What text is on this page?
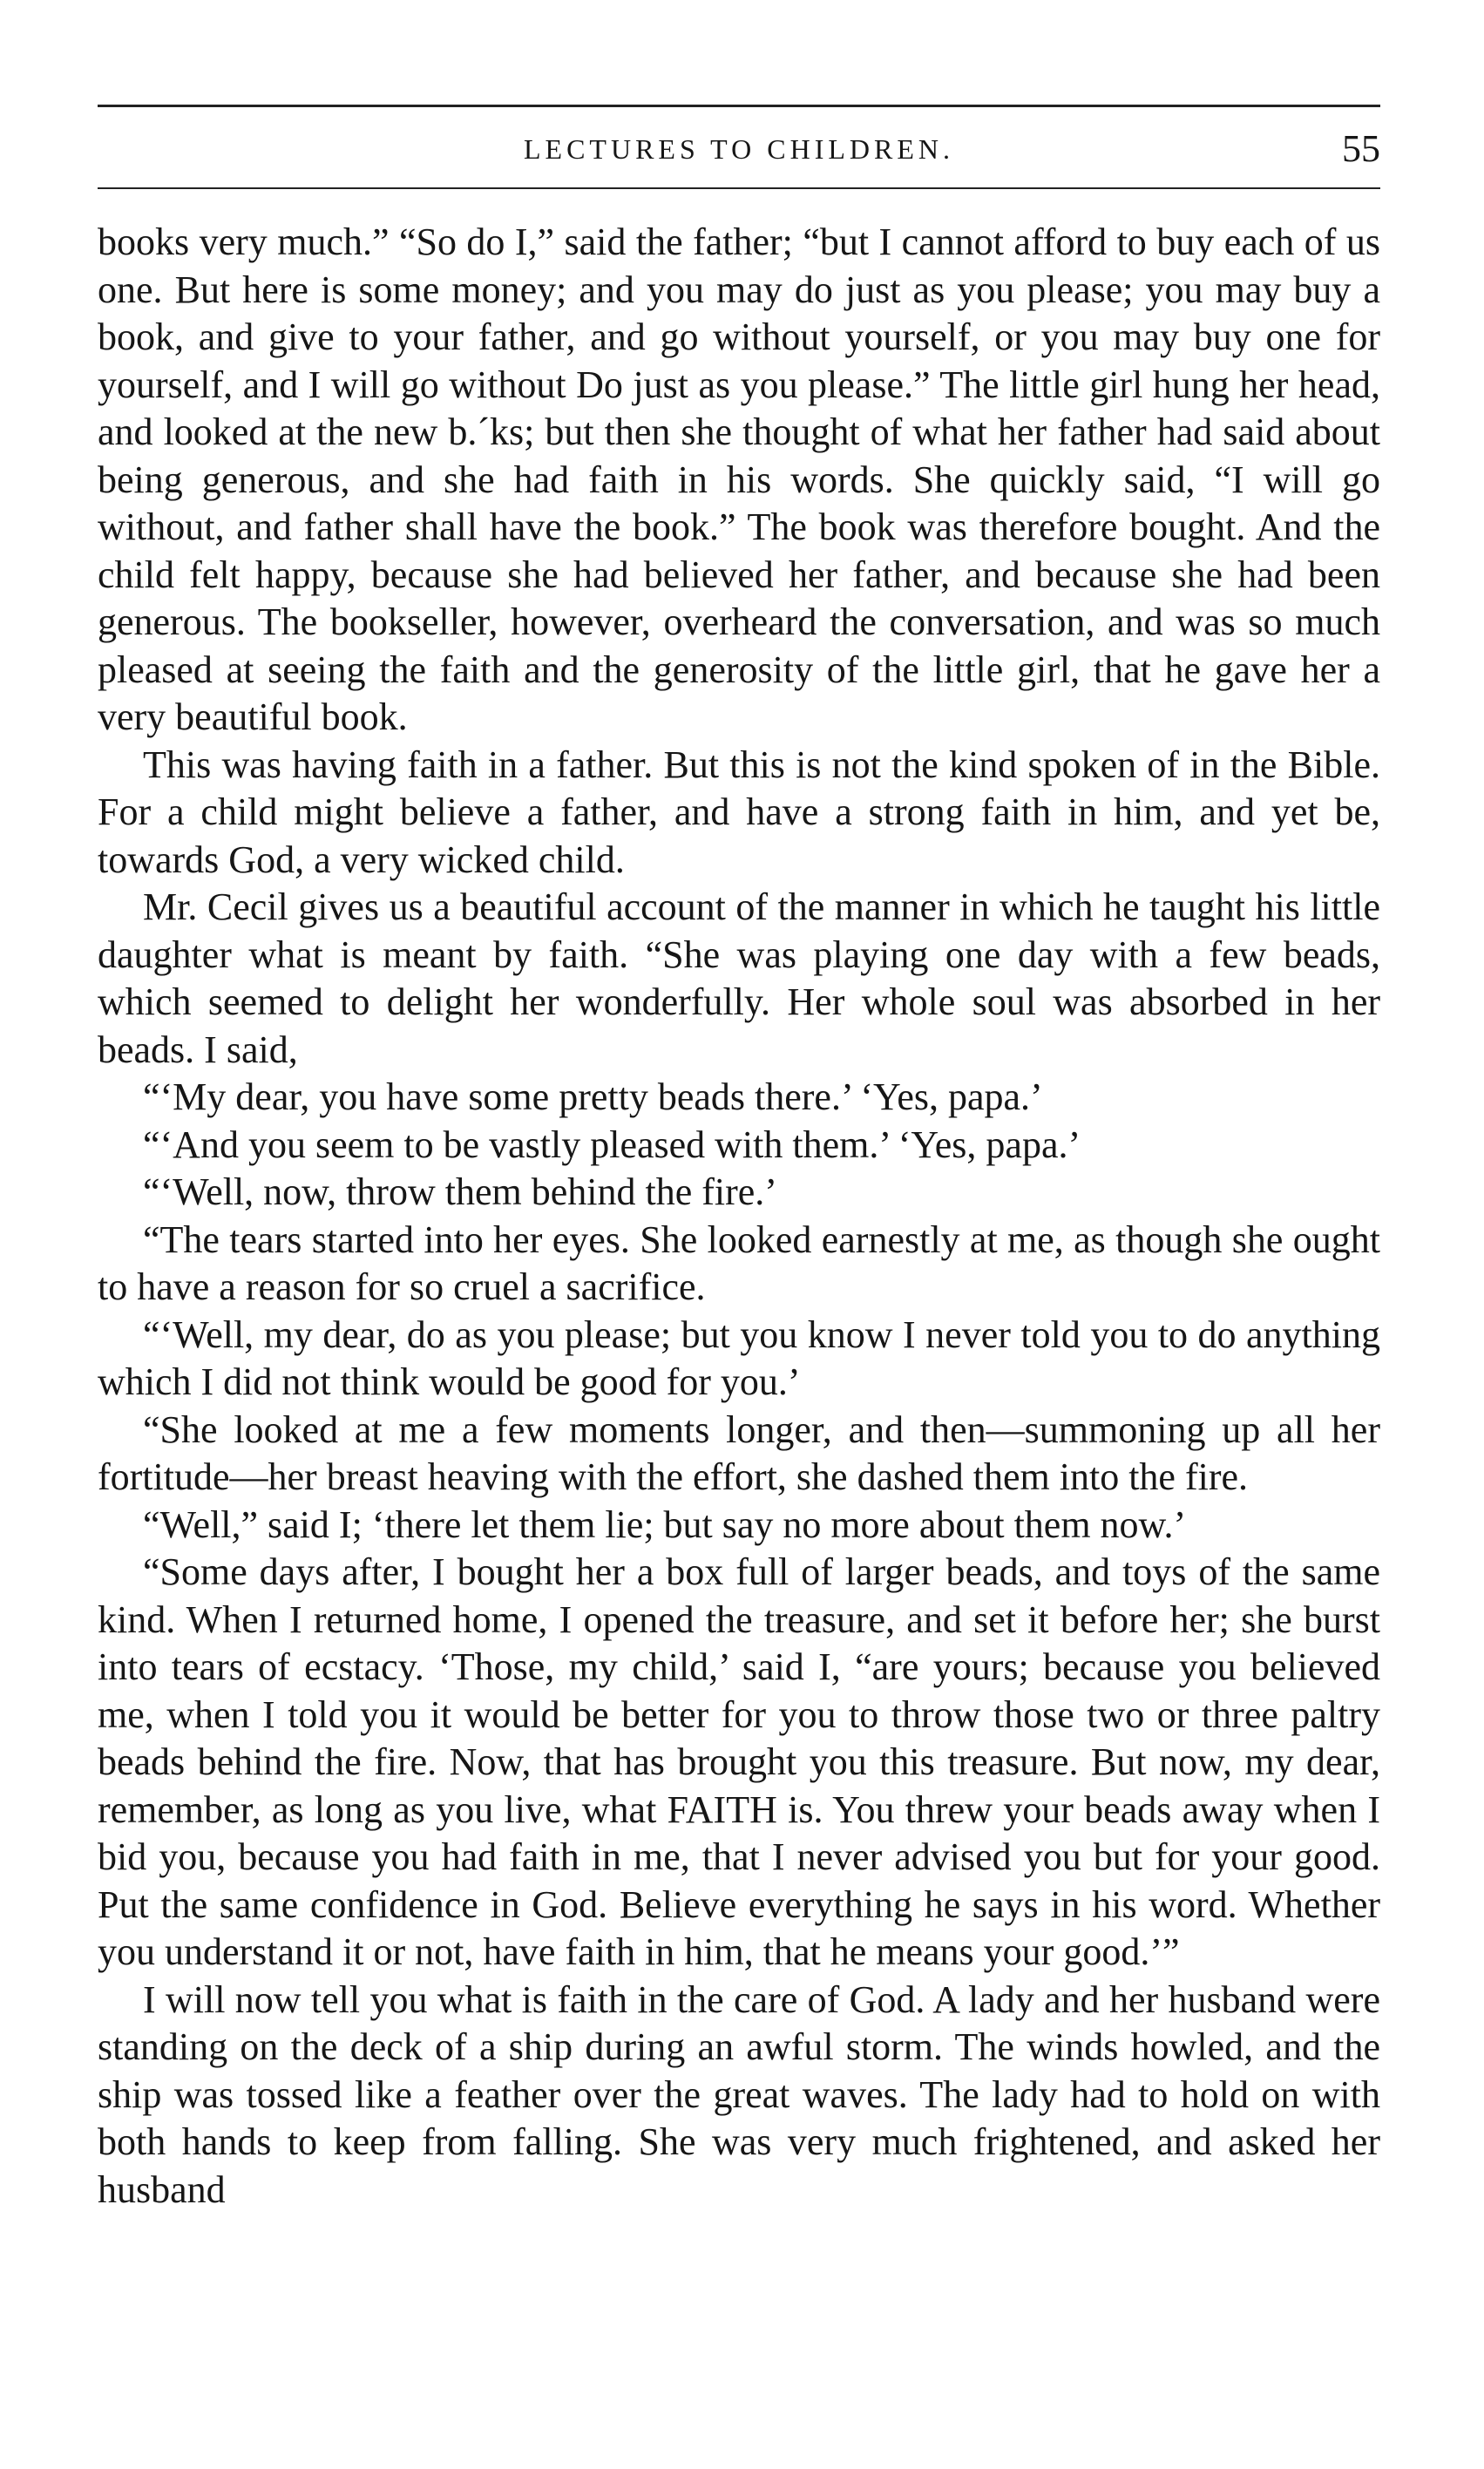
LECTURES TO CHILDREN.	55

books very much.” “So do I,” said the father; “but I cannot afford to buy each of us one. But here is some money; and you may do just as you please; you may buy a book, and give to your father, and go without yourself, or you may buy one for yourself, and I will go without Do just as you please.” The little girl hung her head, and looked at the new b.´ks; but then she thought of what her father had said about being generous, and she had faith in his words. She quickly said, “I will go without, and father shall have the book.” The book was therefore bought. And the child felt happy, because she had believed her father, and because she had been generous. The bookseller, however, overheard the conversation, and was so much pleased at seeing the faith and the generosity of the little girl, that he gave her a very beautiful book.

This was having faith in a father. But this is not the kind spoken of in the Bible. For a child might believe a father, and have a strong faith in him, and yet be, towards God, a very wicked child.

Mr. Cecil gives us a beautiful account of the manner in which he taught his little daughter what is meant by faith. “She was playing one day with a few beads, which seemed to delight her wonderfully. Her whole soul was absorbed in her beads. I said,

“‘My dear, you have some pretty beads there.’ ‘Yes, papa.’

“‘And you seem to be vastly pleased with them.’ ‘Yes, papa.’

“‘Well, now, throw them behind the fire.’

“The tears started into her eyes. She looked earnestly at me, as though she ought to have a reason for so cruel a sacrifice.

“‘Well, my dear, do as you please; but you know I never told you to do anything which I did not think would be good for you.’

“She looked at me a few moments longer, and then—summoning up all her fortitude—her breast heaving with the effort, she dashed them into the fire.

“Well,” said I; ‘there let them lie; but say no more about them now.’

“Some days after, I bought her a box full of larger beads, and toys of the same kind. When I returned home, I opened the treasure, and set it before her; she burst into tears of ecstacy. ‘Those, my child,’ said I, “are yours; because you believed me, when I told you it would be better for you to throw those two or three paltry beads behind the fire. Now, that has brought you this treasure. But now, my dear, remember, as long as you live, what FAITH is. You threw your beads away when I bid you, because you had faith in me, that I never advised you but for your good. Put the same confidence in God. Believe everything he says in his word. Whether you understand it or not, have faith in him, that he means your good.’”

I will now tell you what is faith in the care of God. A lady and her husband were standing on the deck of a ship during an awful storm. The winds howled, and the ship was tossed like a feather over the great waves. The lady had to hold on with both hands to keep from falling. She was very much frightened, and asked her husband
